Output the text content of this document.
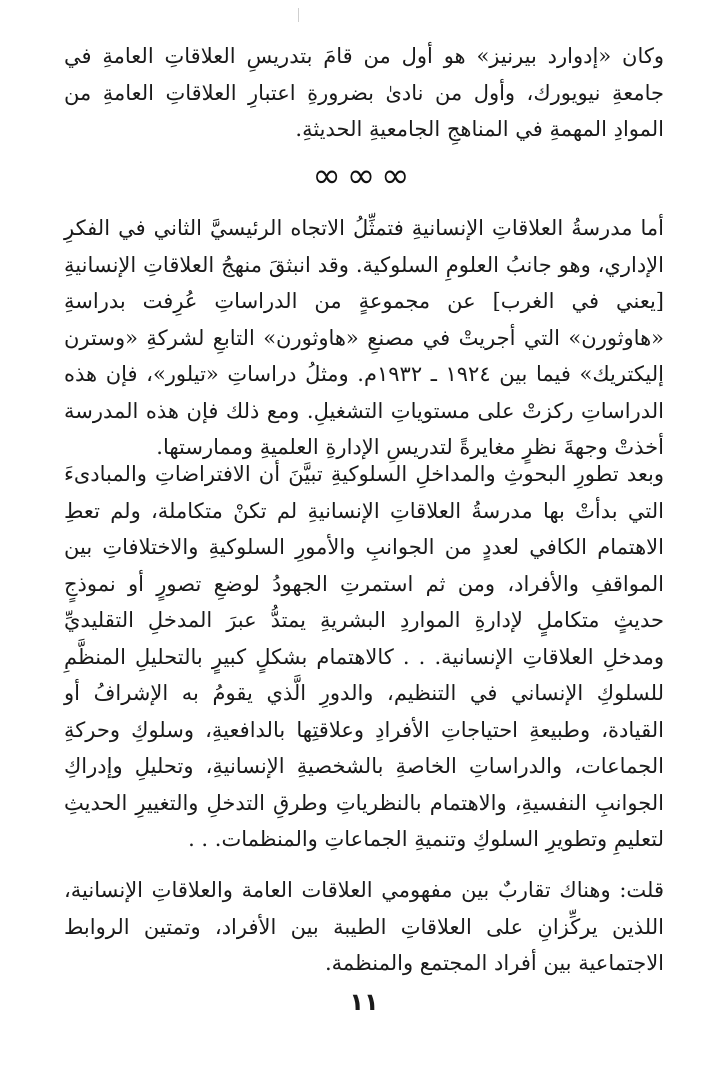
وكان «إدوارد بيرنيز» هو أول من قامَ بتدريسِ العلاقاتِ العامةِ في جامعةِ نيويورك، وأول من نادىٰ بضرورةِ اعتبارِ العلاقاتِ العامةِ من الموادِ المهمةِ في المناهجِ الجامعيةِ الحديثةِ.

∞∞∞

أما مدرسةُ العلاقاتِ الإنسانيةِ فتمثِّلُ الاتجاه الرئيسيَّ الثاني في الفكرِ الإداري، وهو جانبُ العلومِ السلوكية. وقد انبثقَ منهجُ العلاقاتِ الإنسانيةِ [يعني في الغرب] عن مجموعةٍ من الدراساتِ عُرِفت بدراسةِ «هاوثورن» التي أجريتْ في مصنعِ «هاوثورن» التابعِ لشركةِ «وسترن إليكتريك» فيما بين ١٩٢٤ ـ ١٩٣٢م. ومثلُ دراساتِ «تيلور»، فإن هذه الدراساتِ ركزتْ على مستوياتِ التشغيلِ. ومع ذلك فإن هذه المدرسة أخذتْ وجهةَ نظرٍ مغايرةً لتدريسِ الإدارةِ العلميةِ وممارستها.

وبعد تطورِ البحوثِ والمداخلِ السلوكيةِ تبيَّنَ أن الافتراضاتِ والمبادىءَ التي بدأتْ بها مدرسةُ العلاقاتِ الإنسانيةِ لم تكنْ متكاملة، ولم تعطِ الاهتمام الكافي لعددٍ من الجوانبِ والأمورِ السلوكيةِ والاختلافاتِ بين المواقفِ والأفراد، ومن ثم استمرتِ الجهودُ لوضعِ تصورٍ أو نموذجٍ حديثٍ متكاملٍ لإدارةِ المواردِ البشريةِ يمتدُّ عبرَ المدخلِ التقليديِّ ومدخلِ العلاقاتِ الإنسانية. . . كالاهتمام بشكلٍ كبيرٍ بالتحليلِ المنظَّمِ للسلوكِ الإنساني في التنظيم، والدورِ الَّذي يقومُ به الإشرافُ أو القيادة، وطبيعةِ احتياجاتِ الأفرادِ وعلاقتِها بالدافعيةِ، وسلوكِ وحركةِ الجماعات، والدراساتِ الخاصةِ بالشخصيةِ الإنسانيةِ، وتحليلِ وإدراكِ الجوانبِ النفسيةِ، والاهتمام بالنظرياتِ وطرقِ التدخلِ والتغييرِ الحديثِ لتعليمِ وتطويرِ السلوكِ وتنميةِ الجماعاتِ والمنظمات. . .

قلت: وهناك تقاربٌ بين مفهومي العلاقات العامة والعلاقاتِ الإنسانية، اللذين يركِّزانِ على العلاقاتِ الطيبة بين الأفراد، وتمتين الروابط الاجتماعية بين أفراد المجتمع والمنظمة.

١١
